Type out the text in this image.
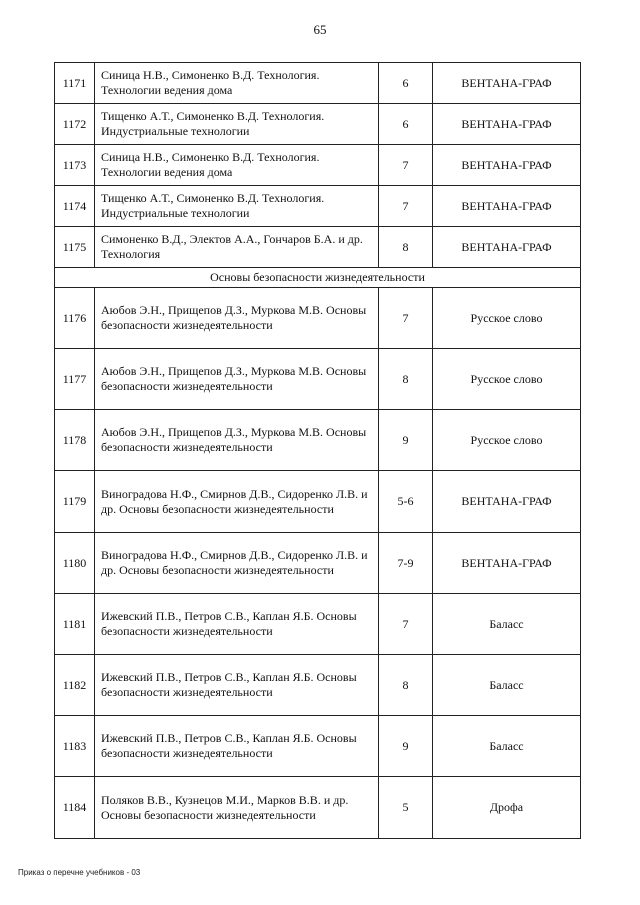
65
1171	Синица Н.В., Симоненко В.Д. Технология. Технологии ведения дома	6	ВЕНТАНА-ГРАФ
1172	Тищенко А.Т., Симоненко В.Д. Технология. Индустриальные технологии	6	ВЕНТАНА-ГРАФ
1173	Синица Н.В., Симоненко В.Д. Технология. Технологии ведения дома	7	ВЕНТАНА-ГРАФ
1174	Тищенко А.Т., Симоненко В.Д. Технология. Индустриальные технологии	7	ВЕНТАНА-ГРАФ
1175	Симоненко В.Д., Электов А.А., Гончаров Б.А. и др. Технология	8	ВЕНТАНА-ГРАФ
Основы безопасности жизнедеятельности			
1176	Аюбов Э.Н., Прищепов Д.З., Муркова М.В. Основы безопасности жизнедеятельности	7	Русское слово
1177	Аюбов Э.Н., Прищепов Д.З., Муркова М.В. Основы безопасности жизнедеятельности	8	Русское слово
1178	Аюбов Э.Н., Прищепов Д.З., Муркова М.В. Основы безопасности жизнедеятельности	9	Русское слово
1179	Виноградова Н.Ф., Смирнов Д.В., Сидоренко Л.В. и др. Основы безопасности жизнедеятельности	5-6	ВЕНТАНА-ГРАФ
1180	Виноградова Н.Ф., Смирнов Д.В., Сидоренко Л.В. и др. Основы безопасности жизнедеятельности	7-9	ВЕНТАНА-ГРАФ
1181	Ижевский П.В., Петров С.В., Каплан Я.Б. Основы безопасности жизнедеятельности	7	Баласс
1182	Ижевский П.В., Петров С.В., Каплан Я.Б. Основы безопасности жизнедеятельности	8	Баласс
1183	Ижевский П.В., Петров С.В., Каплан Я.Б. Основы безопасности жизнедеятельности	9	Баласс
1184	Поляков В.В., Кузнецов М.И., Марков В.В. и др. Основы безопасности жизнедеятельности	5	Дрофа
Приказ о перечне учебников - 03
